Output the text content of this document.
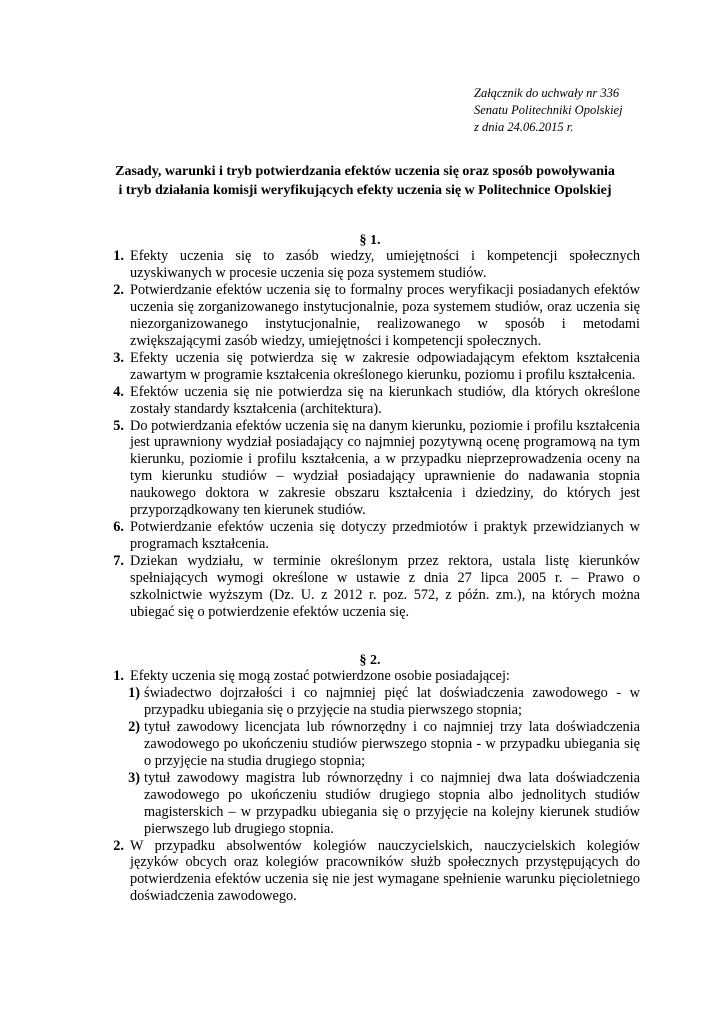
Załącznik do uchwały nr 336
Senatu Politechniki Opolskiej
z dnia 24.06.2015 r.
Zasady, warunki i tryb potwierdzania efektów uczenia się oraz sposób powoływania
i tryb działania komisji weryfikujących efekty uczenia się w Politechnice Opolskiej
§ 1.
1. Efekty uczenia się to zasób wiedzy, umiejętności i kompetencji społecznych uzyskiwanych w procesie uczenia się poza systemem studiów.
2. Potwierdzanie efektów uczenia się to formalny proces weryfikacji posiadanych efektów uczenia się zorganizowanego instytucjonalnie, poza systemem studiów, oraz uczenia się niezorganizowanego instytucjonalnie, realizowanego w sposób i metodami zwiększającymi zasób wiedzy, umiejętności i kompetencji społecznych.
3. Efekty uczenia się potwierdza się w zakresie odpowiadającym efektom kształcenia zawartym w programie kształcenia określonego kierunku, poziomu i profilu kształcenia.
4. Efektów uczenia się nie potwierdza się na kierunkach studiów, dla których określone zostały standardy kształcenia (architektura).
5. Do potwierdzania efektów uczenia się na danym kierunku, poziomie i profilu kształcenia jest uprawniony wydział posiadający co najmniej pozytywną ocenę programową na tym kierunku, poziomie i profilu kształcenia, a w przypadku nieprzeprowadzenia oceny na tym kierunku studiów – wydział posiadający uprawnienie do nadawania stopnia naukowego doktora w zakresie obszaru kształcenia i dziedziny, do których jest przyporządkowany ten kierunek studiów.
6. Potwierdzanie efektów uczenia się dotyczy przedmiotów i praktyk przewidzianych w programach kształcenia.
7. Dziekan wydziału, w terminie określonym przez rektora, ustala listę kierunków spełniających wymogi określone w ustawie z dnia 27 lipca 2005 r. – Prawo o szkolnictwie wyższym (Dz. U. z 2012 r. poz. 572, z późn. zm.), na których można ubiegać się o potwierdzenie efektów uczenia się.
§ 2.
1. Efekty uczenia się mogą zostać potwierdzone osobie posiadającej:
1) świadectwo dojrzałości i co najmniej pięć lat doświadczenia zawodowego - w przypadku ubiegania się o przyjęcie na studia pierwszego stopnia;
2) tytuł zawodowy licencjata lub równorzędny i co najmniej trzy lata doświadczenia zawodowego po ukończeniu studiów pierwszego stopnia - w przypadku ubiegania się o przyjęcie na studia drugiego stopnia;
3) tytuł zawodowy magistra lub równorzędny i co najmniej dwa lata doświadczenia zawodowego po ukończeniu studiów drugiego stopnia albo jednolitych studiów magisterskich – w przypadku ubiegania się o przyjęcie na kolejny kierunek studiów pierwszego lub drugiego stopnia.
2. W przypadku absolwentów kolegiów nauczycielskich, nauczycielskich kolegiów języków obcych oraz kolegiów pracowników służb społecznych przystępujących do potwierdzenia efektów uczenia się nie jest wymagane spełnienie warunku pięcioletniego doświadczenia zawodowego.
